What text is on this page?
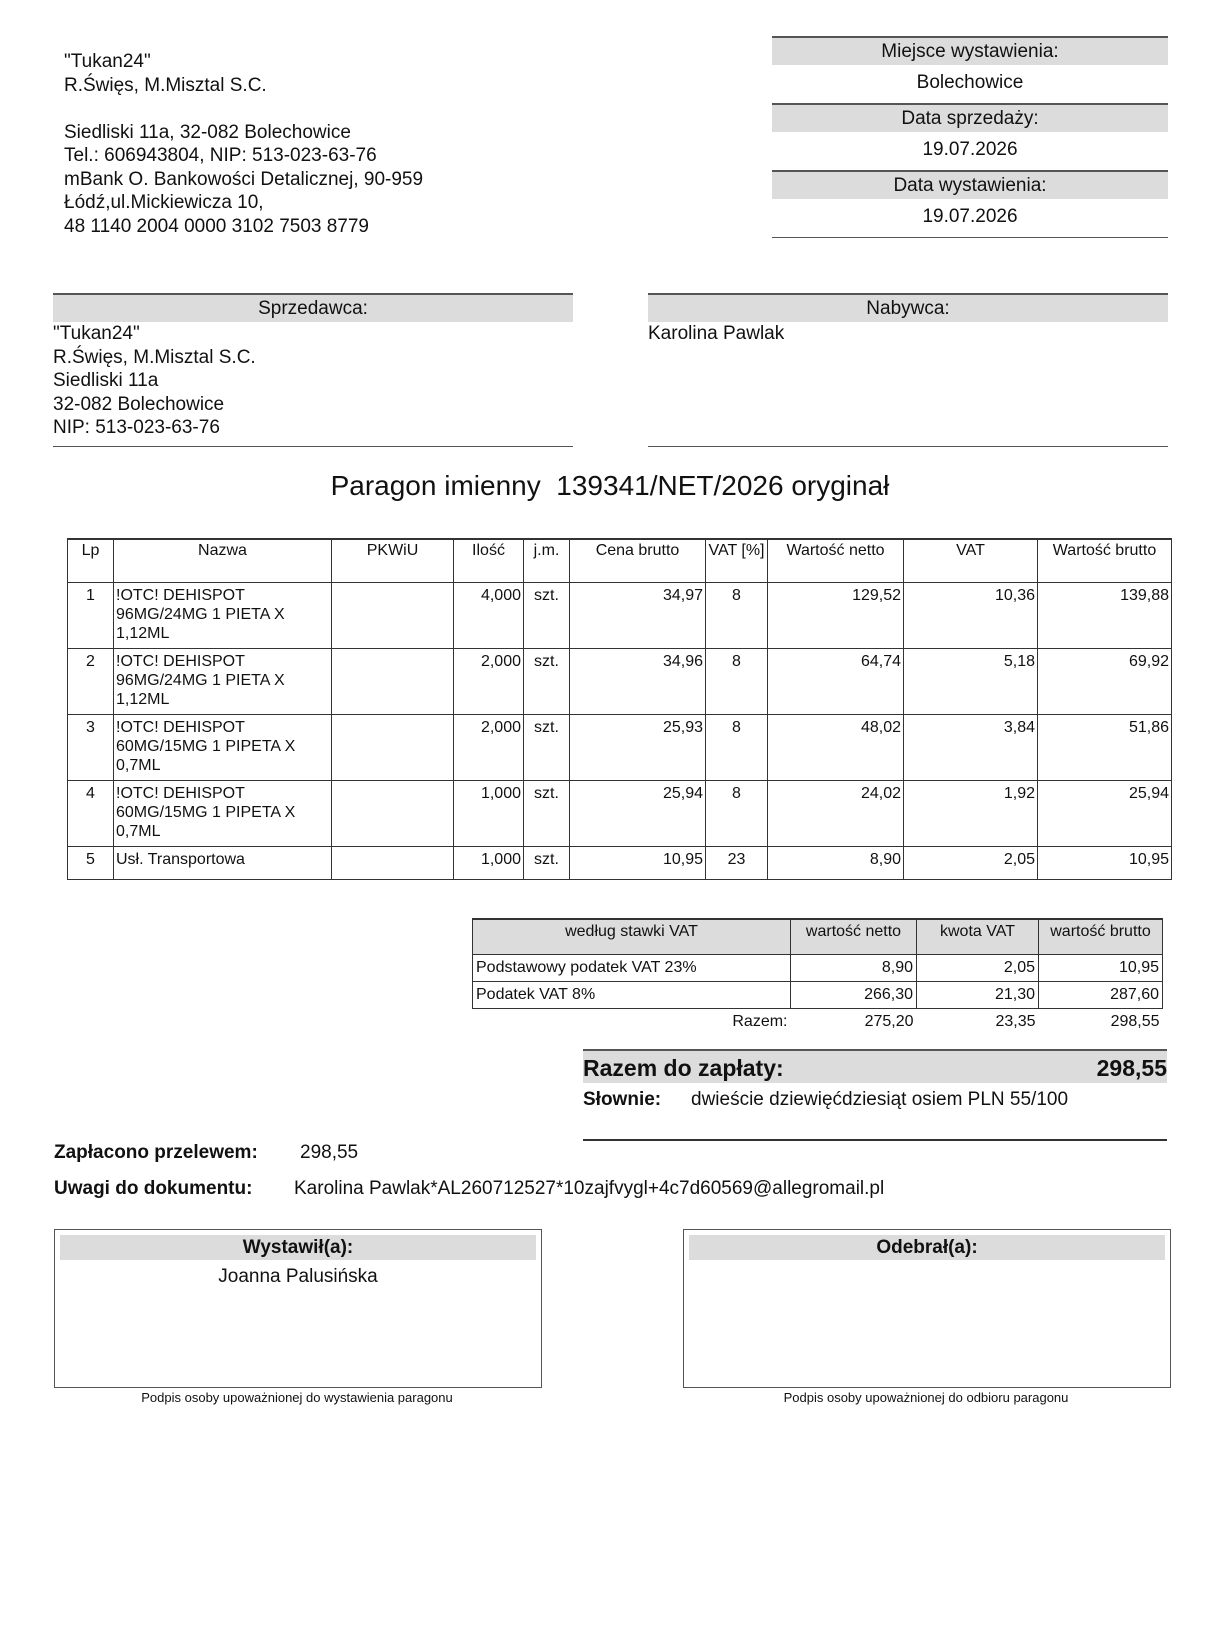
"Tukan24"
R.Święs, M.Misztal S.C.

Siedliski 11a, 32-082 Bolechowice
Tel.: 606943804, NIP: 513-023-63-76
mBank O. Bankowości Detalicznej, 90-959
Łódź,ul.Mickiewicza 10,
48 1140 2004 0000 3102 7503 8779
Miejsce wystawienia:
Bolechowice
Data sprzedaży:
19.07.2026
Data wystawienia:
19.07.2026
Sprzedawca:
"Tukan24"
R.Święs, M.Misztal S.C.
Siedliski 11a
32-082 Bolechowice
NIP: 513-023-63-76
Nabywca:
Karolina Pawlak
Paragon imienny  139341/NET/2026 oryginał
Lp	Nazwa	PKWiU	Ilość	j.m.	Cena brutto	VAT [%]	Wartość netto	VAT	Wartość brutto
1	!OTC! DEHISPOT 96MG/24MG 1 PIETA X 1,12ML		4,000	szt.	34,97	8	129,52	10,36	139,88
2	!OTC! DEHISPOT 96MG/24MG 1 PIETA X 1,12ML		2,000	szt.	34,96	8	64,74	5,18	69,92
3	!OTC! DEHISPOT 60MG/15MG 1 PIPETA X 0,7ML		2,000	szt.	25,93	8	48,02	3,84	51,86
4	!OTC! DEHISPOT 60MG/15MG 1 PIPETA X 0,7ML		1,000	szt.	25,94	8	24,02	1,92	25,94
5	Usł. Transportowa		1,000	szt.	10,95	23	8,90	2,05	10,95
według stawki VAT	wartość netto	kwota VAT	wartość brutto
Podstawowy podatek VAT 23%	8,90	2,05	10,95
Podatek VAT 8%	266,30	21,30	287,60
Razem:	275,20	23,35	298,55
Razem do zapłaty:	298,55
Słownie: dwieście dziewięćdziesiąt osiem PLN 55/100
Zapłacono przelewem: 298,55
Uwagi do dokumentu: Karolina Pawlak*AL260712527*10zajfvygl+4c7d60569@allegromail.pl
Wystawił(a):
Joanna Palusińska
Podpis osoby upoważnionej do wystawienia paragonu
Odebrał(a):
Podpis osoby upoważnionej do odbioru paragonu
